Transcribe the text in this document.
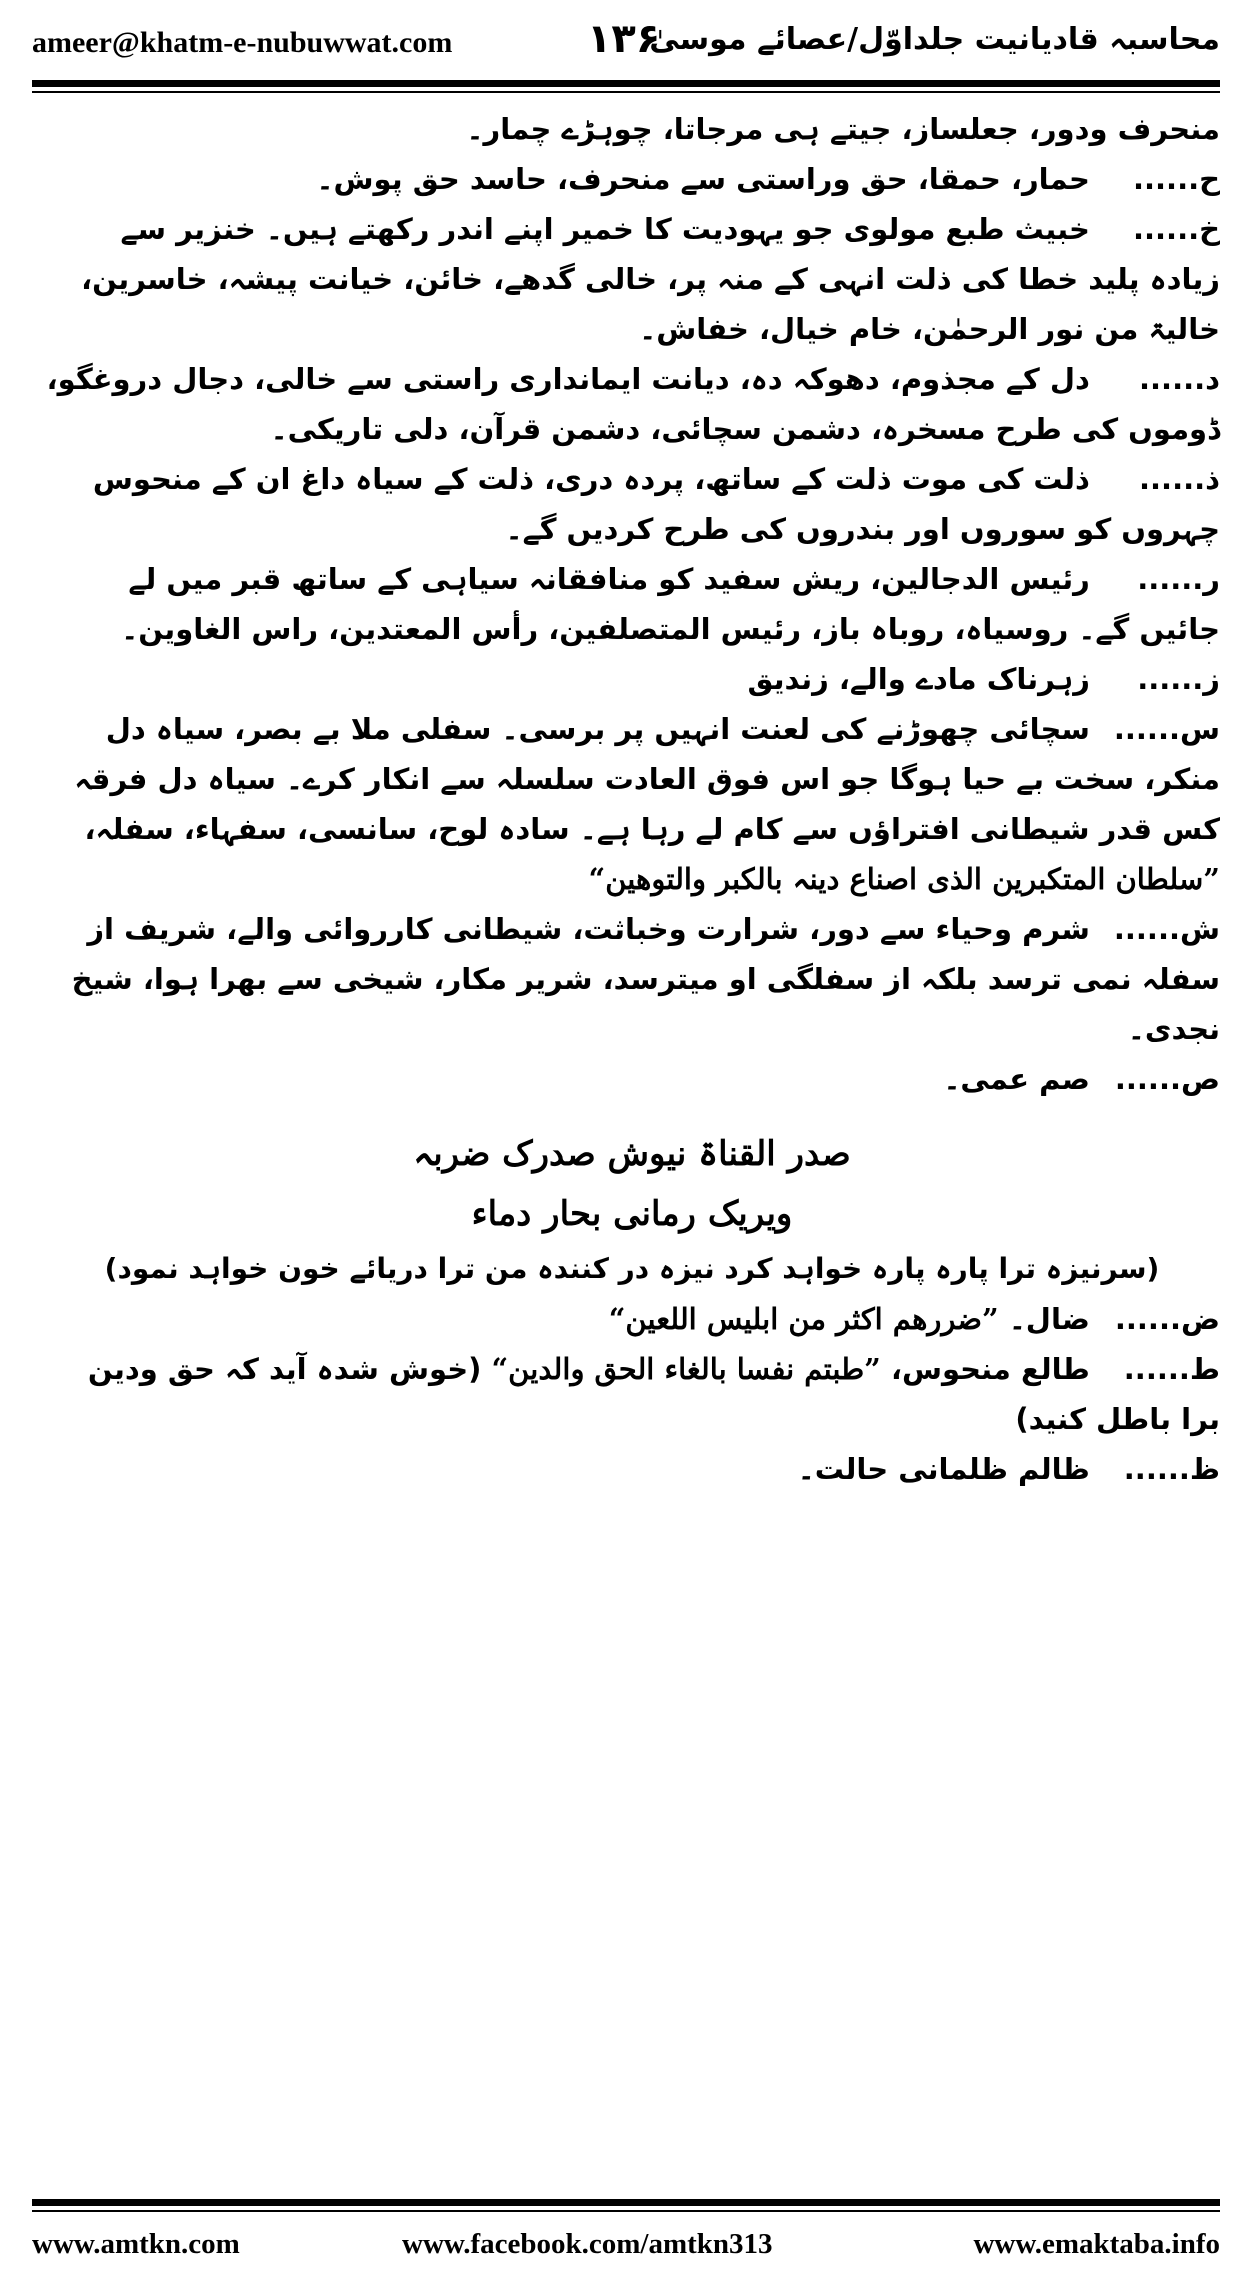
ameer@khatm-e-nubuwwat.com	۱۳۶
محاسبہ قادیانیت جلداوّل/عصائے موسیٰ

منحرف ودور، جعلساز، جیتے ہی مرجاتا، چوہڑے چمار۔

ح...... حمار، حمقا، حق وراستی سے منحرف، حاسد حق پوش۔

خ...... خبیث طبع مولوی جو یہودیت کا خمیر اپنے اندر رکھتے ہیں۔ خنزیر سے زیادہ پلید خطا کی ذلت انہی کے منہ پر، خالی گدھے، خائن، خیانت پیشہ، خاسرین، خالیۃ من نور الرحمٰن، خام خیال، خفاش۔

د...... دل کے مجذوم، دھوکہ دہ، دیانت ایمانداری راستی سے خالی، دجال دروغگو، ڈوموں کی طرح مسخرہ، دشمن سچائی، دشمن قرآن، دلی تاریکی۔

ذ...... ذلت کی موت ذلت کے ساتھ، پردہ دری، ذلت کے سیاہ داغ ان کے منحوس چہروں کو سوروں اور بندروں کی طرح کردیں گے۔

ر...... رئیس الدجالین، ریش سفید کو منافقانہ سیاہی کے ساتھ قبر میں لے جائیں گے۔ روسیاہ، روباہ باز، رئیس المتصلفین، رأس المعتدین، راس الغاوین۔

ز...... زہرناک مادے والے، زندیق

س...... سچائی چھوڑنے کی لعنت انہیں پر برسی۔ سفلی ملا بے بصر، سیاہ دل منکر، سخت بے حیا ہوگا جو اس فوق العادت سلسلہ سے انکار کرے۔ سیاہ دل فرقہ کس قدر شیطانی افتراؤں سے کام لے رہا ہے۔ سادہ لوح، سانسی، سفہاء، سفلہ، ”سلطان المتکبرین الذی اصناع دینہ بالکبر والتوھین“

ش...... شرم وحیاء سے دور، شرارت وخباثت، شیطانی کارروائی والے، شریف از سفلہ نمی ترسد بلکہ از سفلگی او میترسد، شریر مکار، شیخی سے بھرا ہوا، شیخ نجدی۔

ص...... صم عمی۔

صدر القناۃ نیوش صدرک ضربہ
ویریک رمانی بحار دماء
(سرنیزہ ترا پارہ پارہ خواہد کرد نیزہ در کنندہ من ترا دریائے خون خواہد نمود)

ض...... ضال۔ ”ضررھم اکثر من ابلیس اللعین“

ط...... طالع منحوس، ”طبتم نفسا بالغاء الحق والدین“ (خوش شدہ آید کہ حق ودین برا باطل کنید)

ظ...... ظالم ظلمانی حالت۔

www.amtkn.com	www.facebook.com/amtkn313	www.emaktaba.info
